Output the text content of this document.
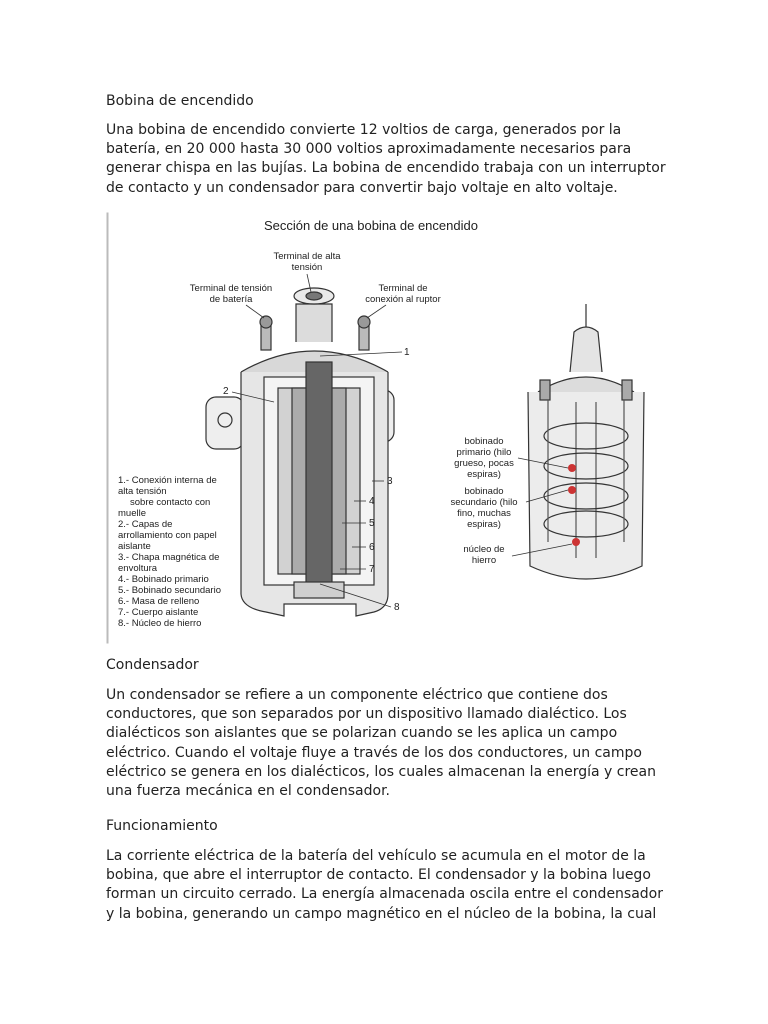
Bobina de encendido
Una bobina de encendido convierte 12 voltios de carga, generados por la
batería, en 20 000 hasta 30 000 voltios aproximadamente necesarios para
generar chispa en las bujías. La bobina de encendido trabaja con un interruptor
de contacto y un condensador para convertir bajo voltaje en alto voltaje.
Sección de una bobina de encendido
Terminal de alta
tensión
Terminal de tensión
de batería
Terminal de
conexión al ruptor
1
2
3
4
5
6
7
8
1.- Conexión interna de
alta tensión
sobre contacto con
muelle
2.- Capas de
arrollamiento con papel
aislante
3.- Chapa magnética de
envoltura
4.- Bobinado primario
5.- Bobinado secundario
6.- Masa de relleno
7.- Cuerpo aislante
8.- Núcleo de hierro
bobinado
primario (hilo
grueso, pocas
espiras)
bobinado
secundario (hilo
fino, muchas
espiras)
núcleo de
hierro
Condensador
Un condensador se refiere a un componente eléctrico que contiene dos
conductores, que son separados por un dispositivo llamado dialéctico. Los
dialécticos son aislantes que se polarizan cuando se les aplica un campo
eléctrico. Cuando el voltaje fluye a través de los dos conductores, un campo
eléctrico se genera en los dialécticos, los cuales almacenan la energía y crean
una fuerza mecánica en el condensador.
Funcionamiento
La corriente eléctrica de la batería del vehículo se acumula en el motor de la
bobina, que abre el interruptor de contacto. El condensador y la bobina luego
forman un circuito cerrado. La energía almacenada oscila entre el condensador
y la bobina, generando un campo magnético en el núcleo de la bobina, la cual
